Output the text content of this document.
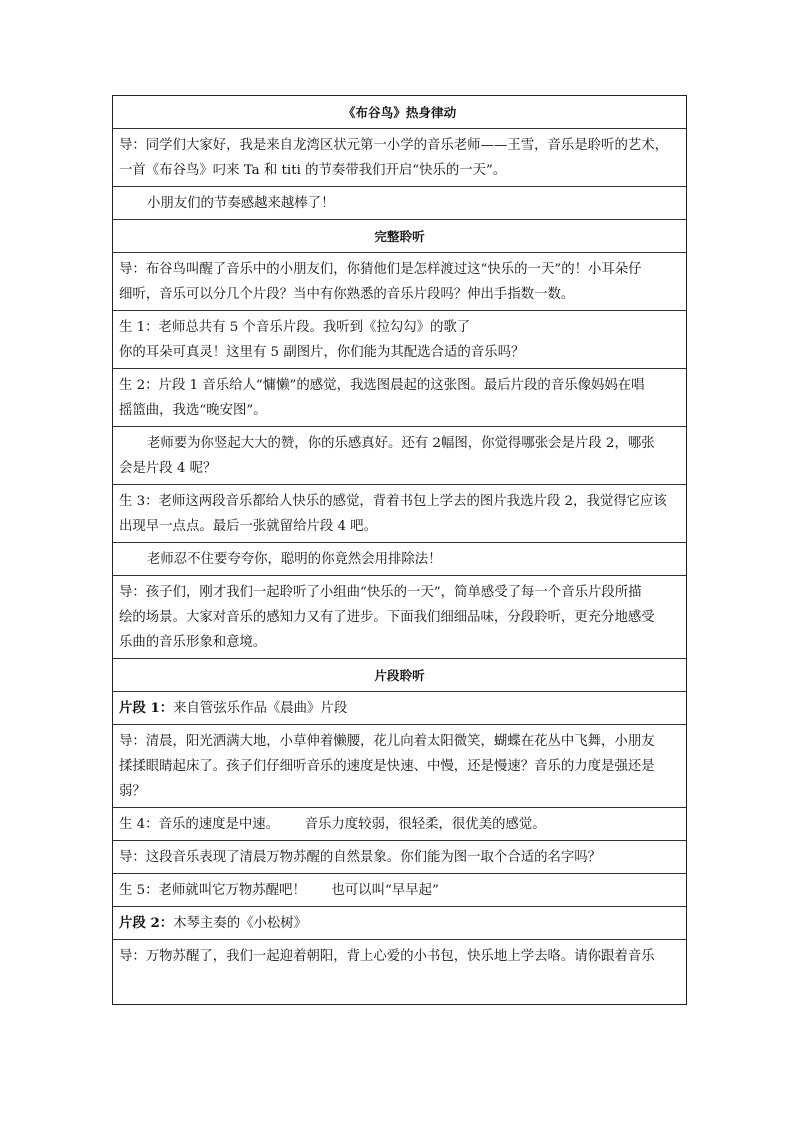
《布谷鸟》热身律动
导：同学们大家好，我是来自龙湾区状元第一小学的音乐老师——王雪，音乐是聆听的艺术，
一首《布谷鸟》叼来 Ta 和 titi 的节奏带我们开启“快乐的一天”。
小朋友们的节奏感越来越棒了！
完整聆听
导：布谷鸟叫醒了音乐中的小朋友们，你猜他们是怎样渡过这“快乐的一天”的！小耳朵仔
细听，音乐可以分几个片段？当中有你熟悉的音乐片段吗？伸出手指数一数。
生 1：老师总共有 5 个音乐片段。我听到《拉勾勾》的歌了
你的耳朵可真灵！这里有 5 副图片，你们能为其配选合适的音乐吗？
生 2：片段 1 音乐给人“慵懒”的感觉，我选图晨起的这张图。最后片段的音乐像妈妈在唱
摇篮曲，我选“晚安图”。
老师要为你竖起大大的赞，你的乐感真好。还有 2幅图，你觉得哪张会是片段 2，哪张
会是片段 4 呢？
生 3：老师这两段音乐都给人快乐的感觉，背着书包上学去的图片我选片段 2，我觉得它应该
出现早一点点。最后一张就留给片段 4 吧。
老师忍不住要夸夸你，聪明的你竟然会用排除法！
导：孩子们，刚才我们一起聆听了小组曲“快乐的一天”，简单感受了每一个音乐片段所描
绘的场景。大家对音乐的感知力又有了进步。下面我们细细品味，分段聆听，更充分地感受
乐曲的音乐形象和意境。
片段聆听
片段 1：来自管弦乐作品《晨曲》片段
导：清晨，阳光洒满大地，小草伸着懒腰，花儿向着太阳微笑，蝴蝶在花丛中飞舞，小朋友
揉揉眼睛起床了。孩子们仔细听音乐的速度是快速、中慢，还是慢速？音乐的力度是强还是
弱？
生 4：音乐的速度是中速。      音乐力度较弱，很轻柔，很优美的感觉。
导：这段音乐表现了清晨万物苏醒的自然景象。你们能为图一取个合适的名字吗？
生 5：老师就叫它万物苏醒吧！      也可以叫“早早起”
片段 2：木琴主奏的《小松树》
导：万物苏醒了，我们一起迎着朝阳，背上心爱的小书包，快乐地上学去咯。请你跟着音乐
